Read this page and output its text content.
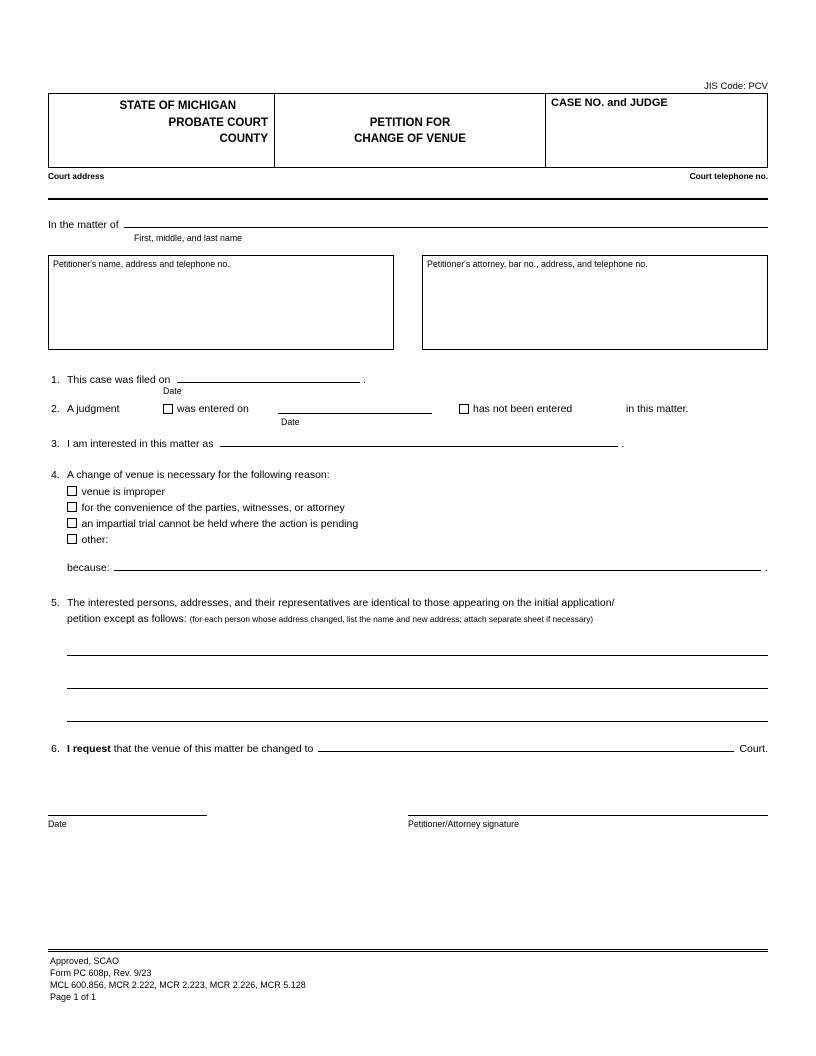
JIS Code: PCV
STATE OF MICHIGAN
PROBATE COURT
COUNTY
PETITION FOR
CHANGE OF VENUE
CASE NO. and JUDGE
Court address	Court telephone no.
In the matter of
First, middle, and last name
Petitioner's name, address and telephone no.	Petitioner's attorney, bar no., address, and telephone no.
1. This case was filed on	.
Date
2. A judgment	was entered on	has not been entered	in this matter.
Date
3. I am interested in this matter as	.
4. A change of venue is necessary for the following reason:
venue is improper
for the convenience of the parties, witnesses, or attorney
an impartial trial cannot be held where the action is pending
other:
because:	.
5. The interested persons, addresses, and their representatives are identical to those appearing on the initial application/
petition except as follows: (for each person whose address changed, list the name and new address; attach separate sheet if necessary)
6. I request that the venue of this matter be changed to	Court.
Date	Petitioner/Attorney signature
Approved, SCAO
Form PC 608p, Rev. 9/23
MCL 600.856, MCR 2.222, MCR 2.223, MCR 2.226, MCR 5.128
Page 1 of 1
